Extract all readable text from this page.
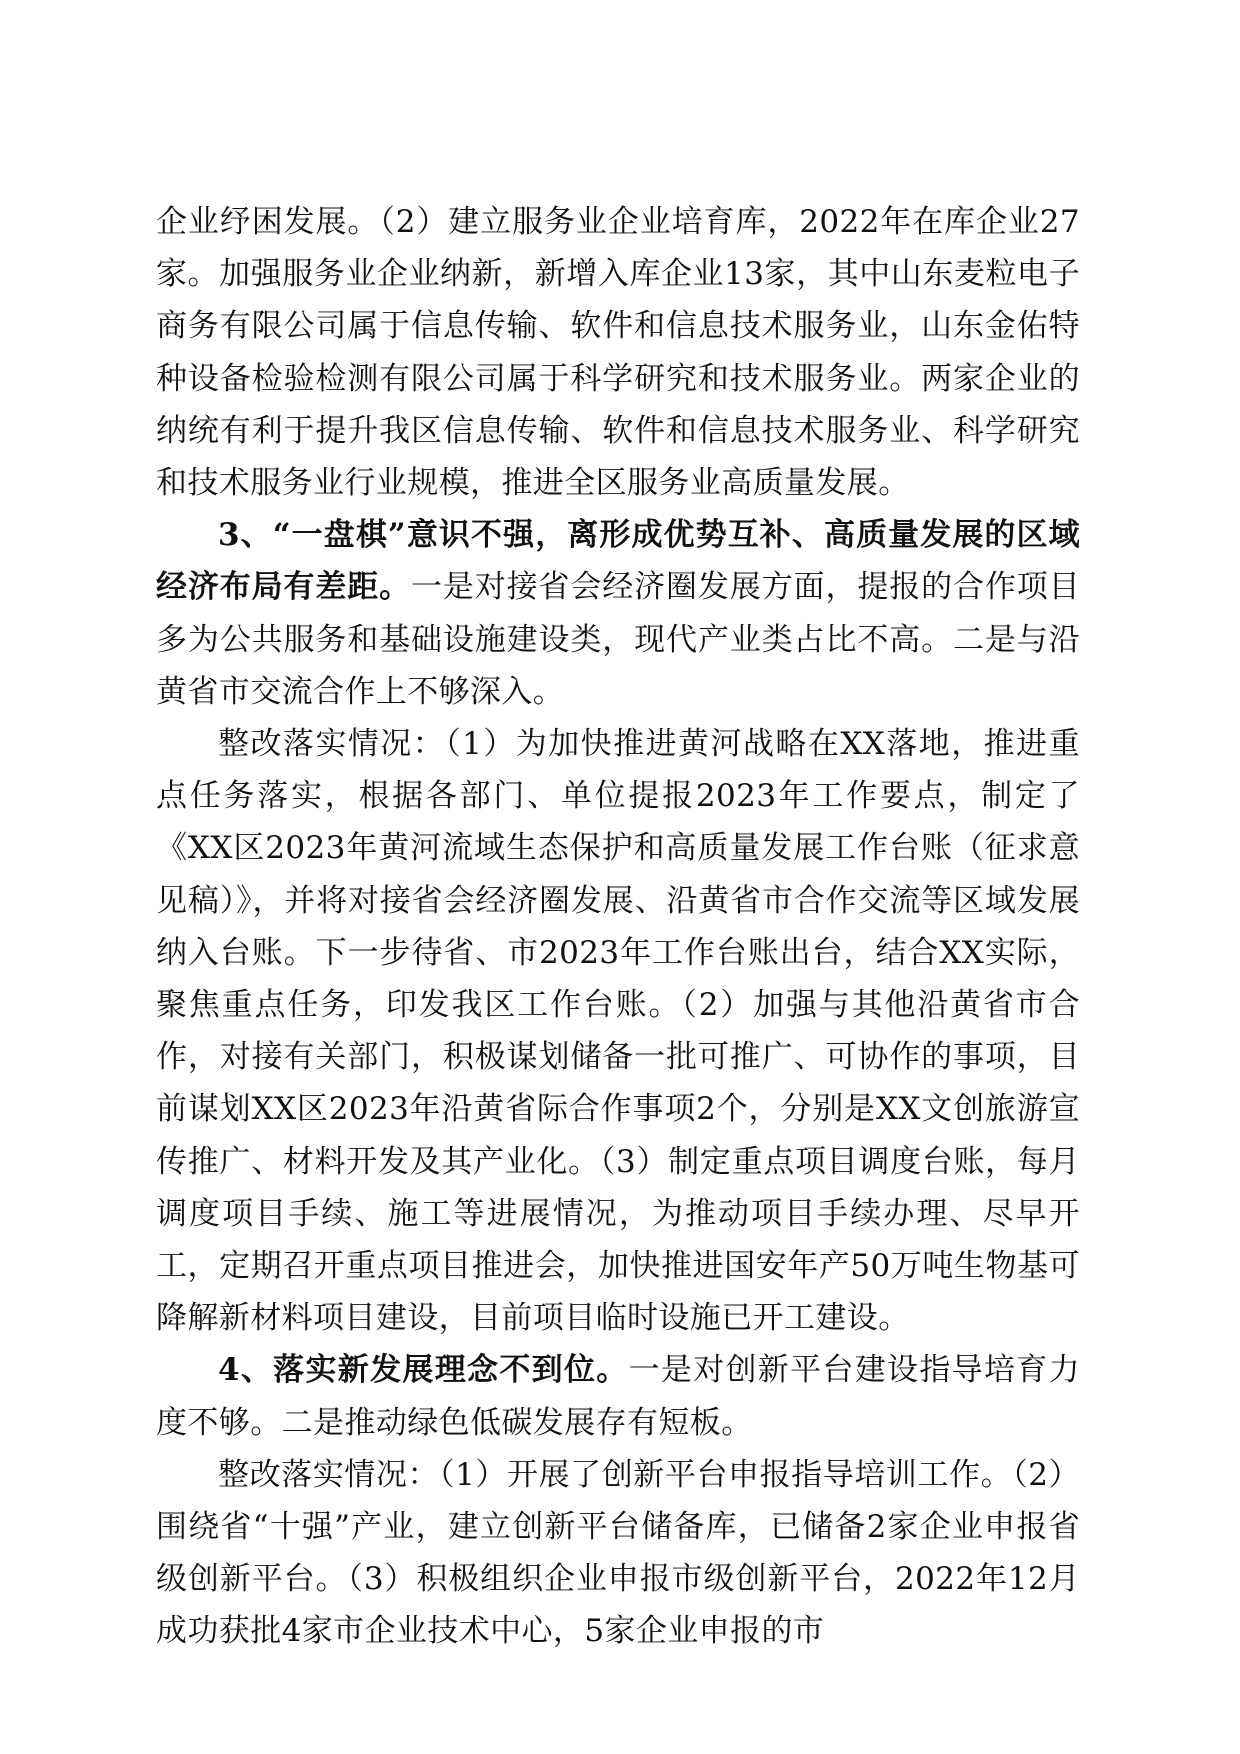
企业纾困发展。（2）建立服务业企业培育库，2022年在库企业27家。加强服务业企业纳新，新增入库企业13家，其中山东麦粒电子商务有限公司属于信息传输、软件和信息技术服务业，山东金佑特种设备检验检测有限公司属于科学研究和技术服务业。两家企业的纳统有利于提升我区信息传输、软件和信息技术服务业、科学研究和技术服务业行业规模，推进全区服务业高质量发展。

3、“一盘棋”意识不强，离形成优势互补、高质量发展的区域经济布局有差距。一是对接省会经济圈发展方面，提报的合作项目多为公共服务和基础设施建设类，现代产业类占比不高。二是与沿黄省市交流合作上不够深入。

整改落实情况：（1）为加快推进黄河战略在XX落地，推进重点任务落实，根据各部门、单位提报2023年工作要点，制定了《XX区2023年黄河流域生态保护和高质量发展工作台账（征求意见稿）》，并将对接省会经济圈发展、沿黄省市合作交流等区域发展纳入台账。下一步待省、市2023年工作台账出台，结合XX实际，聚焦重点任务，印发我区工作台账。（2）加强与其他沿黄省市合作，对接有关部门，积极谋划储备一批可推广、可协作的事项，目前谋划XX区2023年沿黄省际合作事项2个，分别是XX文创旅游宣传推广、材料开发及其产业化。（3）制定重点项目调度台账，每月调度项目手续、施工等进展情况，为推动项目手续办理、尽早开工，定期召开重点项目推进会，加快推进国安年产50万吨生物基可降解新材料项目建设，目前项目临时设施已开工建设。

4、落实新发展理念不到位。一是对创新平台建设指导培育力度不够。二是推动绿色低碳发展存有短板。

整改落实情况：（1）开展了创新平台申报指导培训工作。（2）围绕省“十强”产业，建立创新平台储备库，已储备2家企业申报省级创新平台。（3）积极组织企业申报市级创新平台，2022年12月成功获批4家市企业技术中心，5家企业申报的市
